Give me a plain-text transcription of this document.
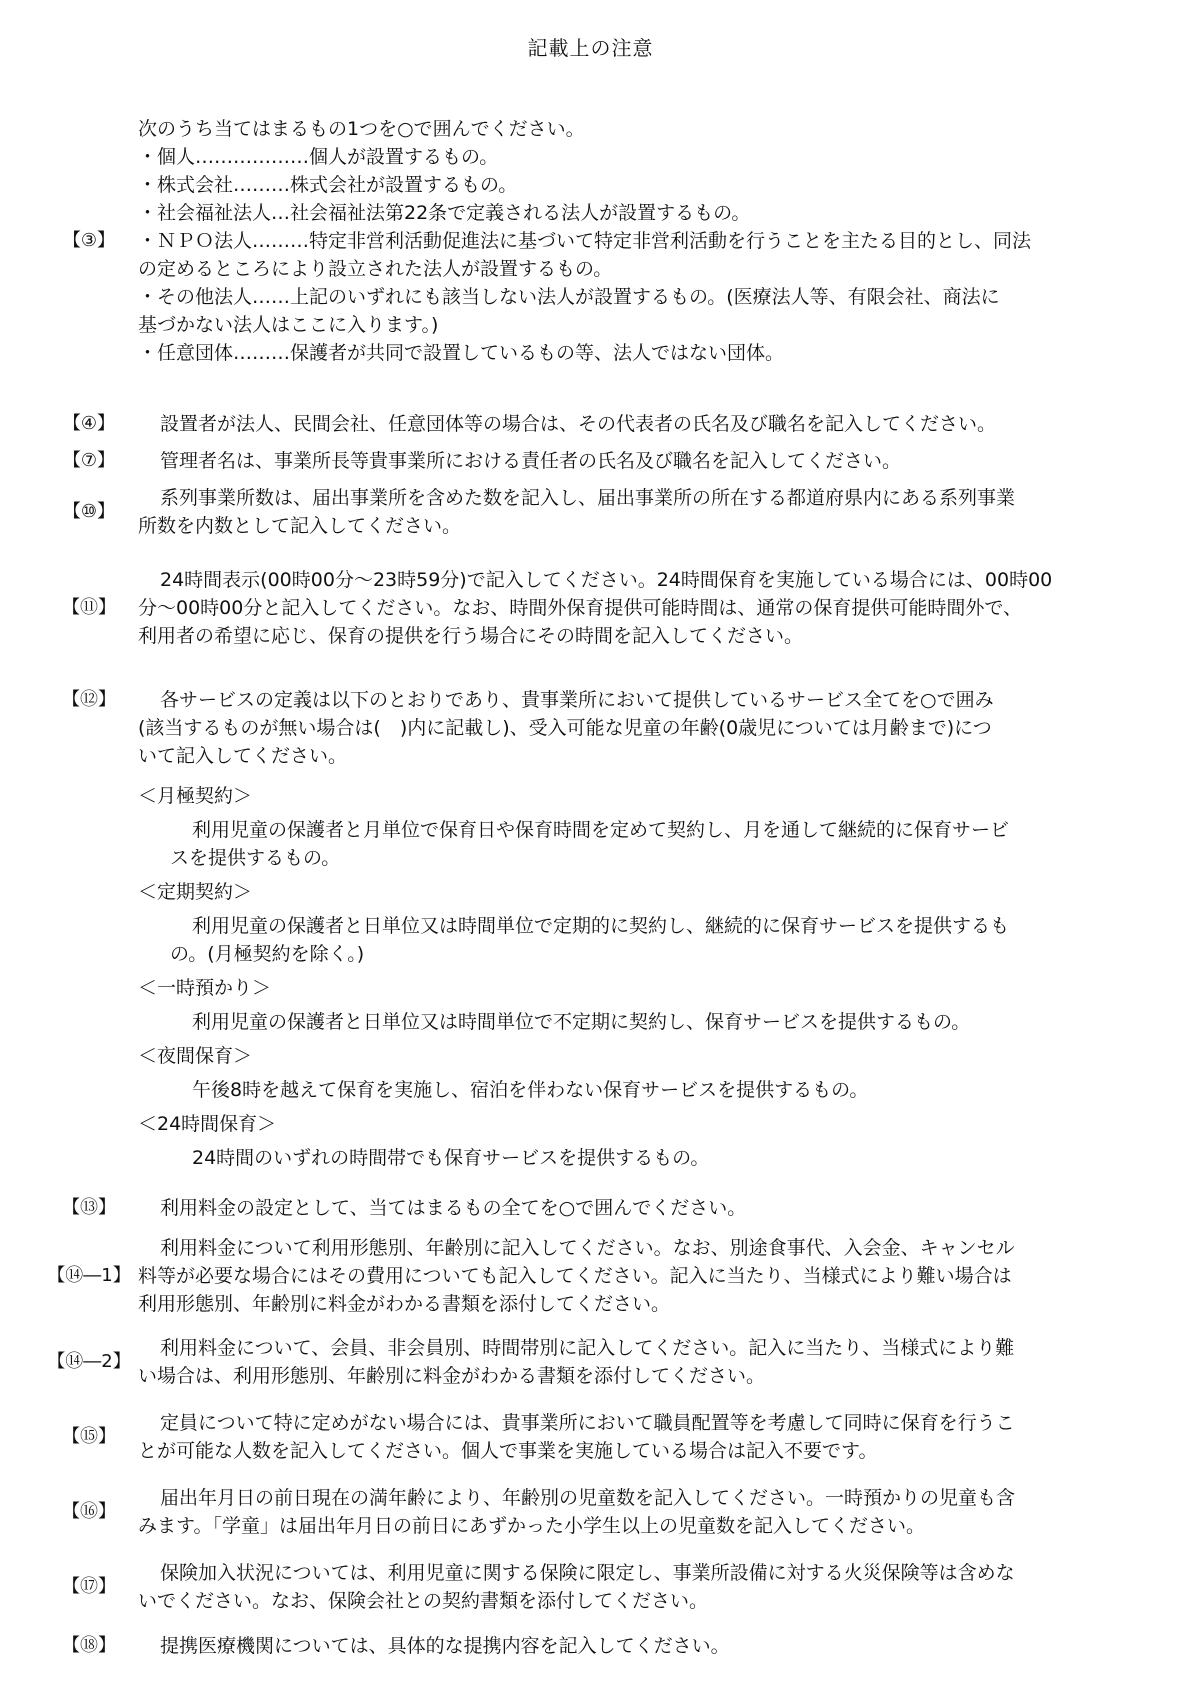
記載上の注意
【③】

次のうち当てはまるもの1つを○で囲んでください。

・個人………………個人が設置するもの。

・株式会社………株式会社が設置するもの。

・社会福祉法人…社会福祉法第22条で定義される法人が設置するもの。

・ＮＰＯ法人………特定非営利活動促進法に基づいて特定非営利活動を行うことを主たる目的とし、同法

の定めるところにより設立された法人が設置するもの。

・その他法人……上記のいずれにも該当しない法人が設置するもの。(医療法人等、有限会社、商法に

基づかない法人はここに入ります。)

・任意団体………保護者が共同で設置しているもの等、法人ではない団体。

【④】	設置者が法人、民間会社、任意団体等の場合は、その代表者の氏名及び職名を記入してください。

【⑦】	管理者名は、事業所長等貴事業所における責任者の氏名及び職名を記入してください。

【⑩】

系列事業所数は、届出事業所を含めた数を記入し、届出事業所の所在する都道府県内にある系列事業

所数を内数として記入してください。

【⑪】

24時間表示(00時00分～23時59分)で記入してください。24時間保育を実施している場合には、00時00

分～00時00分と記入してください。なお、時間外保育提供可能時間は、通常の保育提供可能時間外で、

利用者の希望に応じ、保育の提供を行う場合にその時間を記入してください。

【⑫】	各サービスの定義は以下のとおりであり、貴事業所において提供しているサービス全てを○で囲み

(該当するものが無い場合は(　)内に記載し)、受入可能な児童の年齢(0歳児については月齢まで)につ

いて記入してください。

＜月極契約＞

利用児童の保護者と月単位で保育日や保育時間を定めて契約し、月を通して継続的に保育サービ

スを提供するもの。

＜定期契約＞

利用児童の保護者と日単位又は時間単位で定期的に契約し、継続的に保育サービスを提供するも

の。(月極契約を除く。)

＜一時預かり＞

利用児童の保護者と日単位又は時間単位で不定期に契約し、保育サービスを提供するもの。

＜夜間保育＞

午後8時を越えて保育を実施し、宿泊を伴わない保育サービスを提供するもの。

＜24時間保育＞

24時間のいずれの時間帯でも保育サービスを提供するもの。

【⑬】	利用料金の設定として、当てはまるもの全てを○で囲んでください。

【⑭―1】

利用料金について利用形態別、年齢別に記入してください。なお、別途食事代、入会金、キャンセル

料等が必要な場合にはその費用についても記入してください。記入に当たり、当様式により難い場合は

利用形態別、年齢別に料金がわかる書類を添付してください。

【⑭―2】

利用料金について、会員、非会員別、時間帯別に記入してください。記入に当たり、当様式により難

い場合は、利用形態別、年齢別に料金がわかる書類を添付してください。

【⑮】

定員について特に定めがない場合には、貴事業所において職員配置等を考慮して同時に保育を行うこ

とが可能な人数を記入してください。個人で事業を実施している場合は記入不要です。

【⑯】

届出年月日の前日現在の満年齢により、年齢別の児童数を記入してください。一時預かりの児童も含

みます。「学童」は届出年月日の前日にあずかった小学生以上の児童数を記入してください。

【⑰】

保険加入状況については、利用児童に関する保険に限定し、事業所設備に対する火災保険等は含めな

いでください。なお、保険会社との契約書類を添付してください。

【⑱】	提携医療機関については、具体的な提携内容を記入してください。
